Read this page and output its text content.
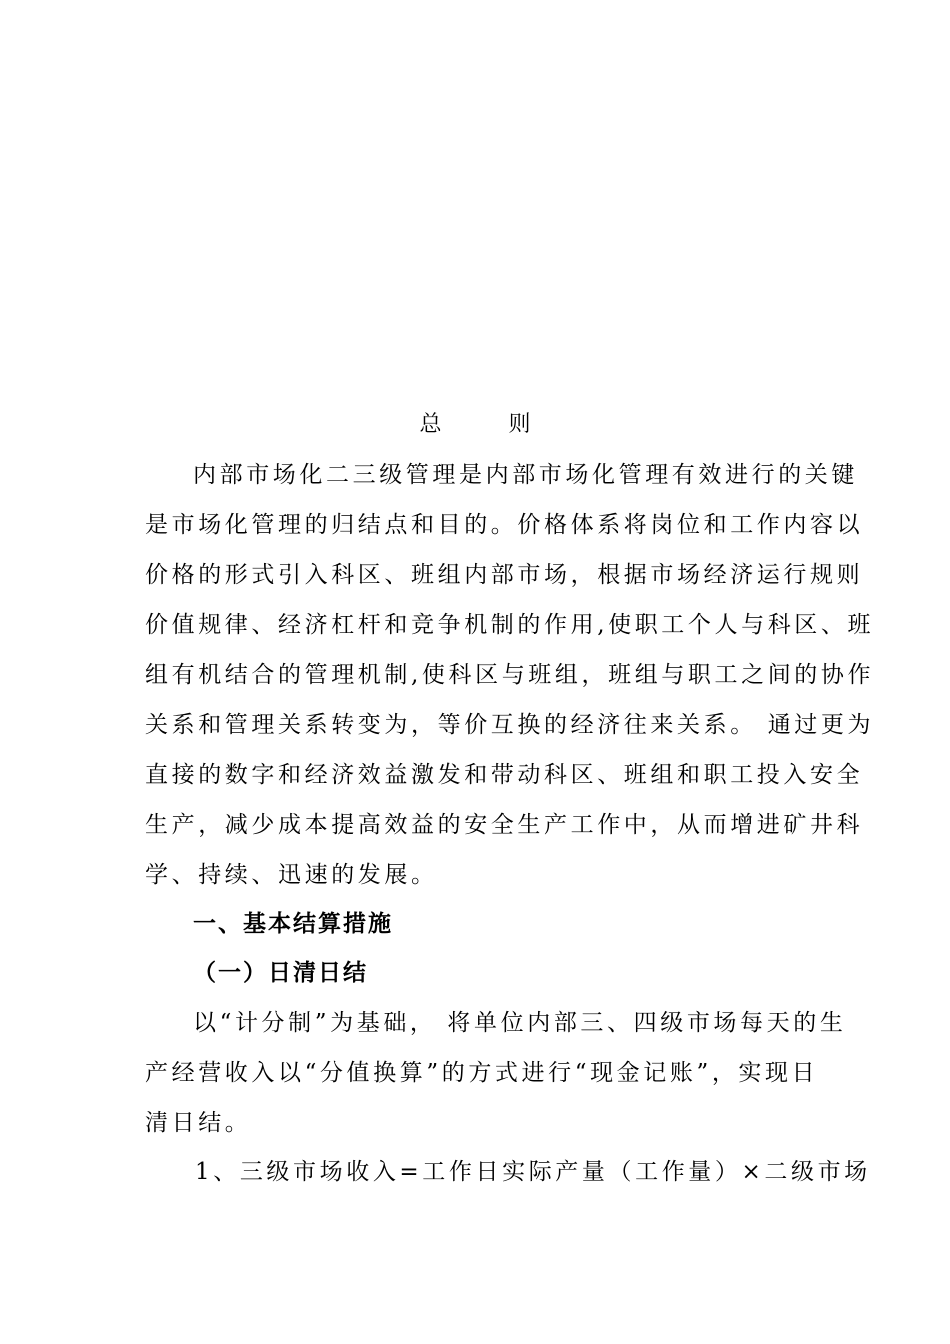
总 则
内部市场化二三级管理是内部市场化管理有效进行的关键
是市场化管理的归结点和目的。价格体系将岗位和工作内容以
价格的形式引入科区、班组内部市场，根据市场经济运行规则
价值规律、经济杠杆和竞争机制的作用,使职工个人与科区、班
组有机结合的管理机制,使科区与班组，班组与职工之间的协作
关系和管理关系转变为，等价互换的经济往来关系。 通过更为
直接的数字和经济效益激发和带动科区、班组和职工投入安全
生产，减少成本提高效益的安全生产工作中，从而增进矿井科
学、持续、迅速的发展。
一、基本结算措施
（一）日清日结
以“计分制”为基础， 将单位内部三、四级市场每天的生
产经营收入以“分值换算”的方式进行“现金记账”，实现日
清日结。
1、三级市场收入=工作日实际产量（工作量）×二级市场
